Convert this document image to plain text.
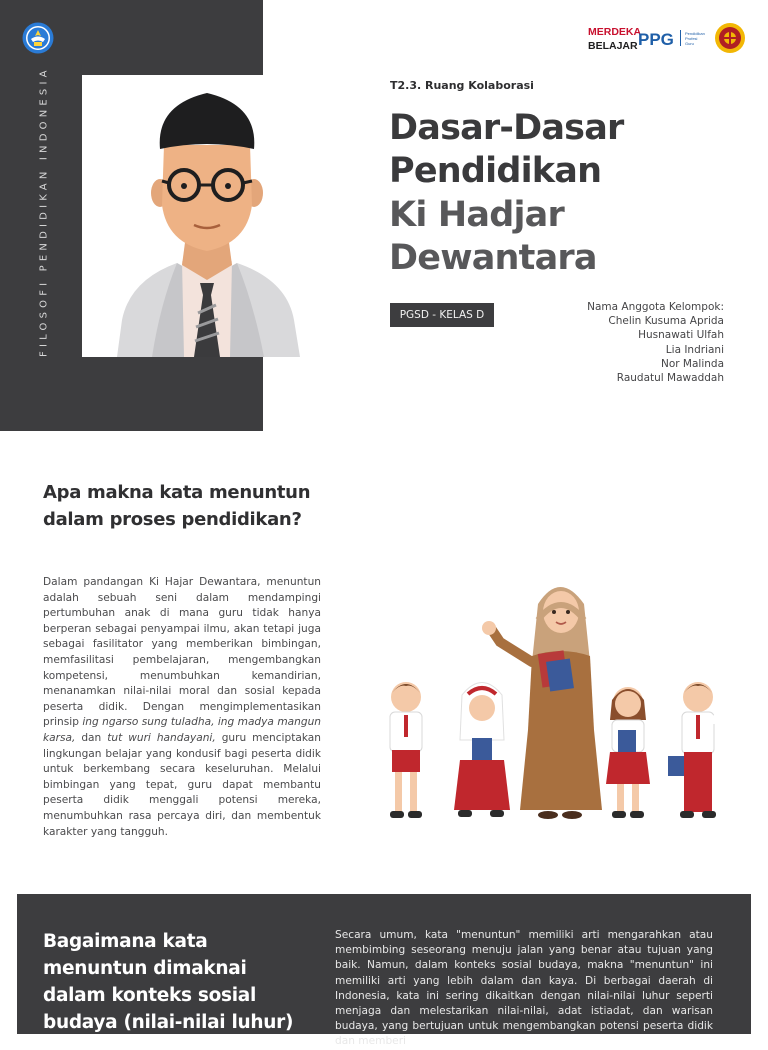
FILOSOFI PENDIDIKAN INDONESIA
MERDEKA
BELAJAR PPG	Pendidikan
Profesi
Guru
T2.3. Ruang Kolaborasi
Dasar-Dasar
Pendidikan
Ki Hadjar
Dewantara
PGSD - KELAS D
Nama Anggota Kelompok:
Chelin Kusuma Aprida
Husnawati Ulfah
Lia Indriani
Nor Malinda
Raudatul Mawaddah
Apa makna kata menuntun dalam proses pendidikan?
Dalam pandangan Ki Hajar Dewantara, menuntun adalah sebuah seni dalam mendampingi pertumbuhan anak di mana guru tidak hanya berperan sebagai penyampai ilmu, akan tetapi juga sebagai fasilitator yang memberikan bimbingan, memfasilitasi pembelajaran, mengembangkan kompetensi, menumbuhkan kemandirian, menanamkan nilai-nilai moral dan sosial kepada peserta didik. Dengan mengimplementasikan prinsip ing ngarso sung tuladha, ing madya mangun karsa, dan tut wuri handayani, guru menciptakan lingkungan belajar yang kondusif bagi peserta didik untuk berkembang secara keseluruhan. Melalui bimbingan yang tepat, guru dapat membantu peserta didik menggali potensi mereka, menumbuhkan rasa percaya diri, dan membentuk karakter yang tangguh.
Bagaimana kata menuntun dimaknai dalam konteks sosial budaya (nilai-nilai luhur)
Secara umum, kata "menuntun" memiliki arti mengarahkan atau membimbing seseorang menuju jalan yang benar atau tujuan yang baik. Namun, dalam konteks sosial budaya, makna "menuntun" ini memiliki arti yang lebih dalam dan kaya. Di berbagai daerah di Indonesia, kata ini sering dikaitkan dengan nilai-nilai luhur seperti menjaga dan melestarikan nilai-nilai, adat istiadat, dan warisan budaya, yang bertujuan untuk mengembangkan potensi peserta didik dan memberi
